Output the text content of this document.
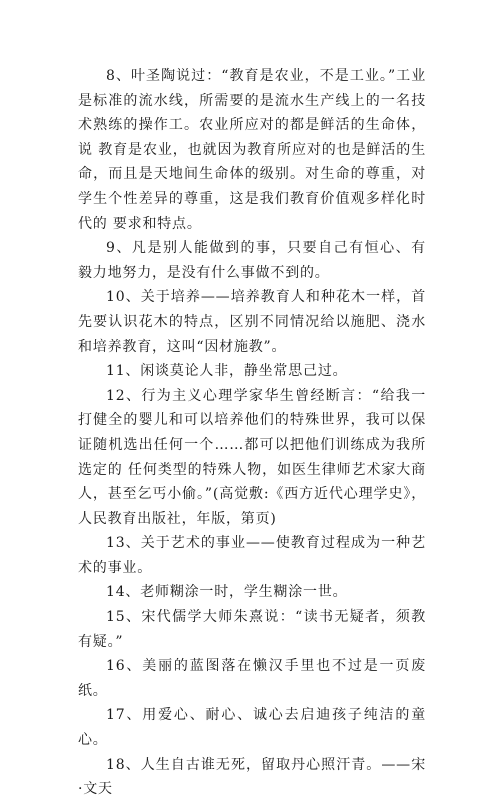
8、叶圣陶说过：“教育是农业，不是工业。”工业是标准的流水线，所需要的是流水生产线上的一名技术熟练的操作工。农业所应对的都是鲜活的生命体，说 教育是农业，也就因为教育所应对的也是鲜活的生命，而且是天地间生命体的级别。对生命的尊重，对学生个性差异的尊重，这是我们教育价值观多样化时代的 要求和特点。

9、凡是别人能做到的事，只要自己有恒心、有毅力地努力，是没有什么事做不到的。

10、关于培养——培养教育人和种花木一样，首先要认识花木的特点，区别不同情况给以施肥、浇水和培养教育，这叫“因材施教”。

11、闲谈莫论人非，静坐常思己过。

12、行为主义心理学家华生曾经断言：“给我一打健全的婴儿和可以培养他们的特殊世界，我可以保证随机选出任何一个……都可以把他们训练成为我所选定的 任何类型的特殊人物，如医生律师艺术家大商人，甚至乞丐小偷。”(高觉敷:《西方近代心理学史》，人民教育出版社，年版，第页)

13、关于艺术的事业——使教育过程成为一种艺术的事业。

14、老师糊涂一时，学生糊涂一世。

15、宋代儒学大师朱熹说：“读书无疑者，须教有疑。”

16、美丽的蓝图落在懒汉手里也不过是一页废纸。

17、用爱心、耐心、诚心去启迪孩子纯洁的童心。

18、人生自古谁无死，留取丹心照汗青。——宋·文天
